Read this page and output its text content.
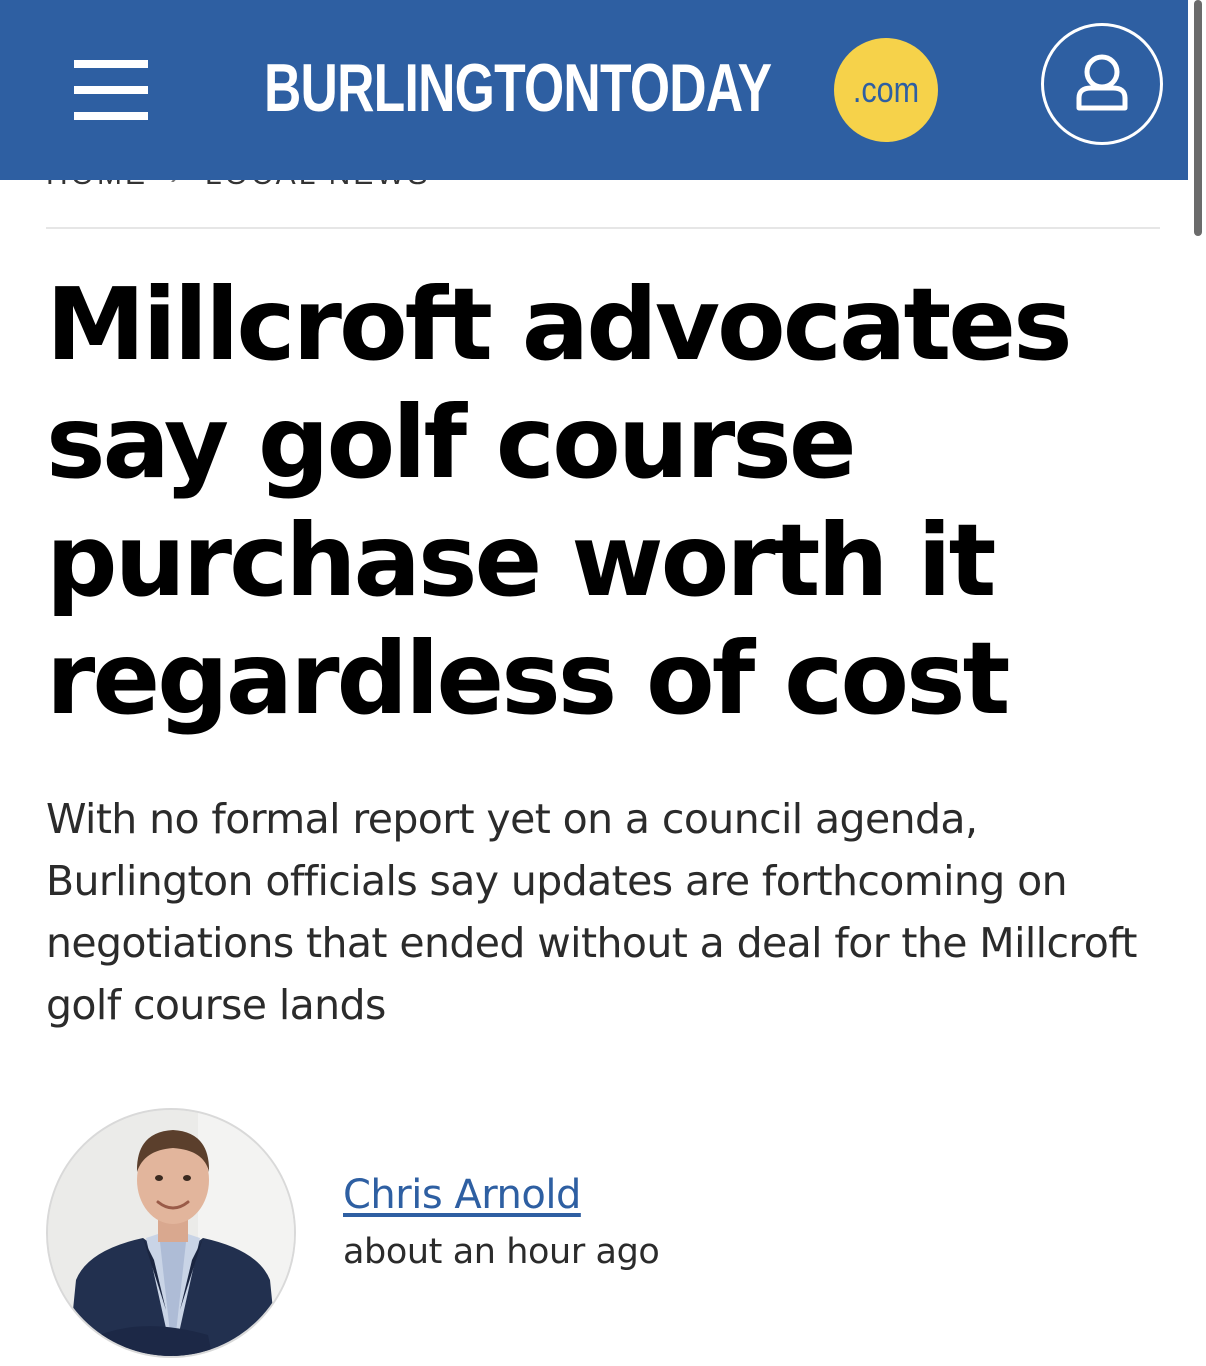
BURLINGTONTODAY .com
Millcroft advocates say golf course purchase worth it regardless of cost

With no formal report yet on a council agenda, Burlington officials say updates are forthcoming on negotiations that ended without a deal for the Millcroft golf course lands

Chris Arnold
about an hour ago
